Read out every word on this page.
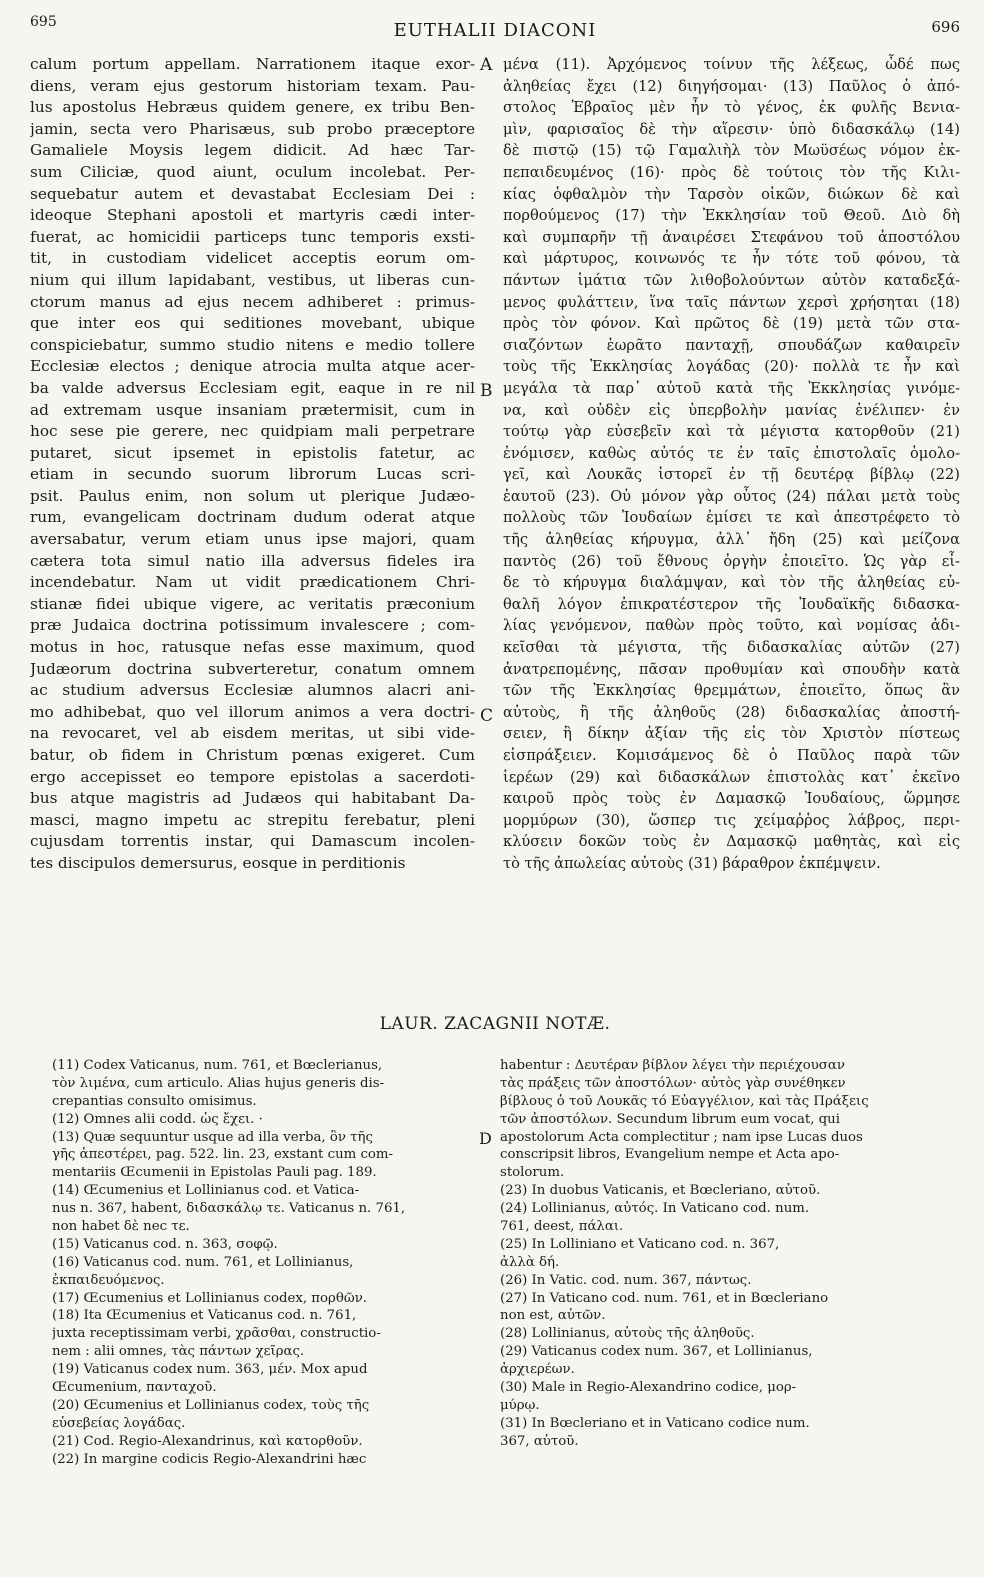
695	EUTHALII DIACONI	696
calum portum appellam. Narrationem itaque exor-
diens, veram ejus gestorum historiam texam. Pau-
lus apostolus Hebræus quidem genere, ex tribu Ben-
jamin, secta vero Pharisæus, sub probo præceptore
Gamaliele Moysis legem didicit. Ad hæc Tar-
sum Ciliciæ, quod aiunt, oculum incolebat. Per-
sequebatur autem et devastabat Ecclesiam Dei :
ideoque Stephani apostoli et martyris cædi inter-
fuerat, ac homicidii particeps tunc temporis exsti-
tit, in custodiam videlicet acceptis eorum om-
nium qui illum lapidabant, vestibus, ut liberas cun-
ctorum manus ad ejus necem adhiberet : primus-
que inter eos qui seditiones movebant, ubique
conspiciebatur, summo studio nitens e medio tollere
Ecclesiæ electos ; denique atrocia multa atque acer-
ba valde adversus Ecclesiam egit, eaque in re nil
ad extremam usque insaniam prætermisit, cum in
hoc sese pie gerere, nec quidpiam mali perpetrare
putaret, sicut ipsemet in epistolis fatetur, ac
etiam in secundo suorum librorum Lucas scri-
psit. Paulus enim, non solum ut plerique Judæo-
rum, evangelicam doctrinam dudum oderat atque
aversabatur, verum etiam unus ipse majori, quam
cætera tota simul natio illa adversus fideles ira
incendebatur. Nam ut vidit prædicationem Chri-
stianæ fidei ubique vigere, ac veritatis præconium
præ Judaica doctrina potissimum invalescere ; com-
motus in hoc, ratusque nefas esse maximum, quod
Judæorum doctrina subverteretur, conatum omnem
ac studium adversus Ecclesiæ alumnos alacri ani-
mo adhibebat, quo vel illorum animos a vera doctri-
na revocaret, vel ab eisdem meritas, ut sibi vide-
batur, ob fidem in Christum pœnas exigeret. Cum
ergo accepisset eo tempore epistolas a sacerdoti-
bus atque magistris ad Judæos qui habitabant Da-
masci, magno impetu ac strepitu ferebatur, pleni
cujusdam torrentis instar, qui Damascum incolen-
tes discipulos demersurus, eosque in perditionis
μένα (11). Ἀρχόμενος τοίνυν τῆς λέξεως, ὧδέ πως
ἀληθείας ἔχει (12) διηγήσομαι· (13) Παῦλος ὁ ἀπό-
στολος Ἑβραῖος μὲν ἦν τὸ γένος, ἐκ φυλῆς Βενια-
μὶν, φαρισαῖος δὲ τὴν αἵρεσιν· ὑπὸ διδασκάλῳ (14)
δὲ πιστῷ (15) τῷ Γαμαλιὴλ τὸν Μωϋσέως νόμον ἐκ-
πεπαιδευμένος (16)· πρὸς δὲ τούτοις τὸν τῆς Κιλι-
κίας ὀφθαλμὸν τὴν Ταρσὸν οἰκῶν, διώκων δὲ καὶ
πορθούμενος (17) τὴν Ἐκκλησίαν τοῦ Θεοῦ. Διὸ δὴ
καὶ συμπαρῆν τῇ ἀναιρέσει Στεφάνου τοῦ ἀποστόλου
καὶ μάρτυρος, κοινωνός τε ἦν τότε τοῦ φόνου, τὰ
πάντων ἱμάτια τῶν λιθοβολούντων αὐτὸν καταδεξά-
μενος φυλάττειν, ἵνα ταῖς πάντων χερσὶ χρήσηται (18)
πρὸς τὸν φόνον. Καὶ πρῶτος δὲ (19) μετὰ τῶν στα-
σιαζόντων ἑωρᾶτο πανταχῇ, σπουδάζων καθαιρεῖν
τοὺς τῆς Ἐκκλησίας λογάδας (20)· πολλὰ τε ἦν καὶ
μεγάλα τὰ παρ᾽ αὐτοῦ κατὰ τῆς Ἐκκλησίας γινόμε-
να, καὶ οὐδὲν εἰς ὑπερβολὴν μανίας ἐνέλιπεν· ἐν
τούτῳ γὰρ εὐσεβεῖν καὶ τὰ μέγιστα κατορθοῦν (21)
ἐνόμισεν, καθὼς αὐτός τε ἐν ταῖς ἐπιστολαῖς ὁμολο-
γεῖ, καὶ Λουκᾶς ἱστορεῖ ἐν τῇ δευτέρᾳ βίβλῳ (22)
ἑαυτοῦ (23). Οὐ μόνον γὰρ οὗτος (24) πάλαι μετὰ τοὺς
πολλοὺς τῶν Ἰουδαίων ἐμίσει τε καὶ ἀπεστρέφετο τὸ
τῆς ἀληθείας κήρυγμα, ἀλλ᾽ ἤδη (25) καὶ μείζονα
παντὸς (26) τοῦ ἔθνους ὀργὴν ἐποιεῖτο. Ὡς γὰρ εἶ-
δε τὸ κήρυγμα διαλάμψαν, καὶ τὸν τῆς ἀληθείας εὐ-
θαλῆ λόγον ἐπικρατέστερον τῆς Ἰουδαϊκῆς διδασκα-
λίας γενόμενον, παθὼν πρὸς τοῦτο, καὶ νομίσας ἀδι-
κεῖσθαι τὰ μέγιστα, τῆς διδασκαλίας αὐτῶν (27)
ἀνατρεπομένης, πᾶσαν προθυμίαν καὶ σπουδὴν κατὰ
τῶν τῆς Ἐκκλησίας θρεμμάτων, ἐποιεῖτο, ὅπως ἂν
αὐτοὺς, ἢ τῆς ἀληθοῦς (28) διδασκαλίας ἀποστή-
σειεν, ἢ δίκην ἀξίαν τῆς εἰς τὸν Χριστὸν πίστεως
εἰσπράξειεν. Κομισάμενος δὲ ὁ Παῦλος παρὰ τῶν
ἱερέων (29) καὶ διδασκάλων ἐπιστολὰς κατ᾽ ἐκεῖνο
καιροῦ πρὸς τοὺς ἐν Δαμασκῷ Ἰουδαίους, ὥρμησε
μορμύρων (30), ὥσπερ τις χείμαῤῥος λάβρος, περι-
κλύσειν δοκῶν τοὺς ἐν Δαμασκῷ μαθητὰς, καὶ εἰς
τὸ τῆς ἀπωλείας αὐτοὺς (31) βάραθρον ἐκπέμψειν.
A
B
C
LAUR. ZACAGNII NOTÆ.
(11) Codex Vaticanus, num. 761, et Bœclerianus,
τὸν λιμένα, cum articulo. Alias hujus generis dis-
crepantias consulto omisimus.
(12) Omnes alii codd. ὡς ἔχει. ·
(13) Quæ sequuntur usque ad illa verba, ὃν τῆς
γῆς ἀπεστέρει, pag. 522. lin. 23, exstant cum com-
mentariis Œcumenii in Epistolas Pauli pag. 189.
(14) Œcumenius et Lollinianus cod. et Vatica-
nus n. 367, habent, διδασκάλῳ τε. Vaticanus n. 761,
non habet δὲ nec τε.
(15) Vaticanus cod. n. 363, σοφῷ.
(16) Vaticanus cod. num. 761, et Lollinianus,
ἐκπαιδευόμενος.
(17) Œcumenius et Lollinianus codex, πορθῶν.
(18) Ita Œcumenius et Vaticanus cod. n. 761,
juxta receptissimam verbi, χρᾶσθαι, constructio-
nem : alii omnes, τὰς πάντων χεῖρας.
(19) Vaticanus codex num. 363, μέν. Mox apud
Œcumenium, πανταχοῦ.
(20) Œcumenius et Lollinianus codex, τοὺς τῆς
εὐσεβείας λογάδας.
(21) Cod. Regio-Alexandrinus, καὶ κατορθοῦν.
(22) In margine codicis Regio-Alexandrini hæc
habentur : Δευτέραν βίβλον λέγει τὴν περιέχουσαν
τὰς πράξεις τῶν ἀποστόλων· αὐτὸς γὰρ συνέθηκεν
βίβλους ὁ τοῦ Λουκᾶς τό Εὐαγγέλιον, καὶ τὰς Πράξεις
τῶν ἀποστόλων. Secundum librum eum vocat, qui
apostolorum Acta complectitur ; nam ipse Lucas duos
conscripsit libros, Evangelium nempe et Acta apo-
stolorum.
(23) In duobus Vaticanis, et Bœcleriano, αὐτοῦ.
(24) Lollinianus, αὐτός. In Vaticano cod. num.
761, deest, πάλαι.
(25) In Lolliniano et Vaticano cod. n. 367,
ἀλλὰ δή.
(26) In Vatic. cod. num. 367, πάντως.
(27) In Vaticano cod. num. 761, et in Bœcleriano
non est, αὐτῶν.
(28) Lollinianus, αὐτοὺς τῆς ἀληθοῦς.
(29) Vaticanus codex num. 367, et Lollinianus,
ἀρχιερέων.
(30) Male in Regio-Alexandrino codice, μορ-
μύρῳ.
(31) In Bœcleriano et in Vaticano codice num.
367, αὐτοῦ.
D
